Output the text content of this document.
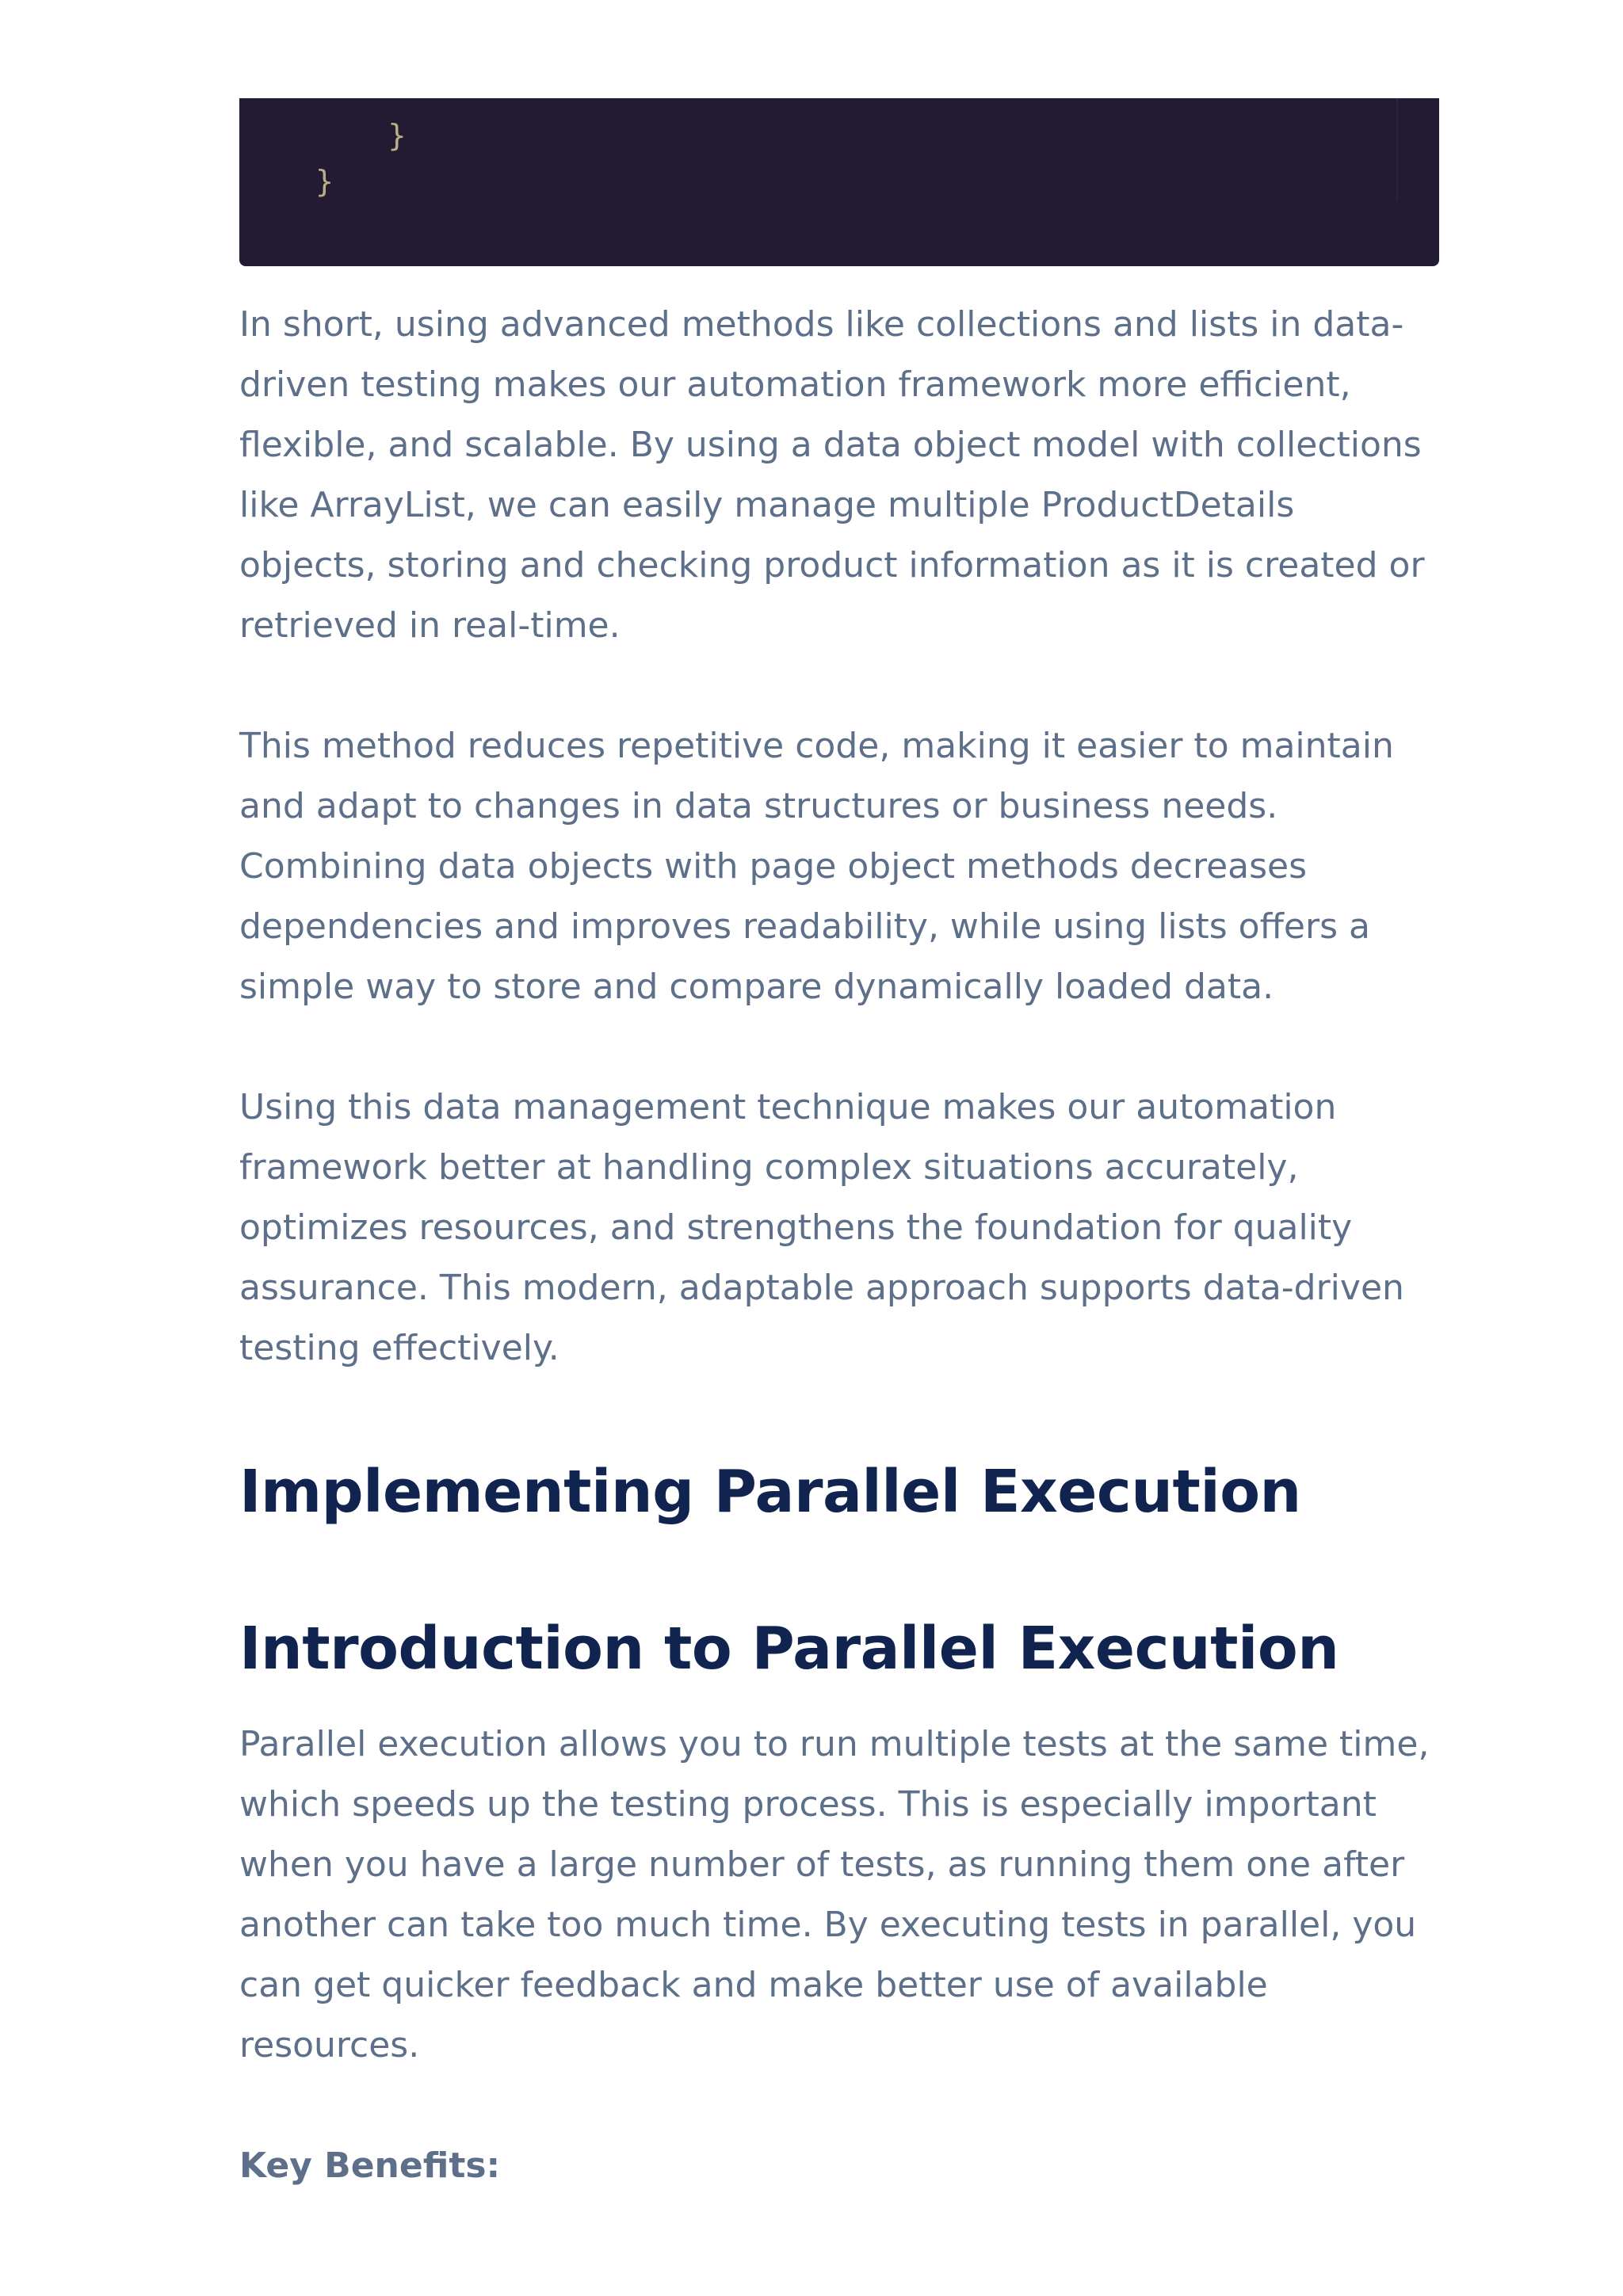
}
}

In short, using advanced methods like collections and lists in data-driven testing makes our automation framework more efficient, flexible, and scalable. By using a data object model with collections like ArrayList, we can easily manage multiple ProductDetails objects, storing and checking product information as it is created or retrieved in real-time.

This method reduces repetitive code, making it easier to maintain and adapt to changes in data structures or business needs. Combining data objects with page object methods decreases dependencies and improves readability, while using lists offers a simple way to store and compare dynamically loaded data.

Using this data management technique makes our automation framework better at handling complex situations accurately, optimizes resources, and strengthens the foundation for quality assurance. This modern, adaptable approach supports data-driven testing effectively.

Implementing Parallel Execution
Introduction to Parallel Execution

Parallel execution allows you to run multiple tests at the same time, which speeds up the testing process. This is especially important when you have a large number of tests, as running them one after another can take too much time. By executing tests in parallel, you can get quicker feedback and make better use of available resources.

Key Benefits:
